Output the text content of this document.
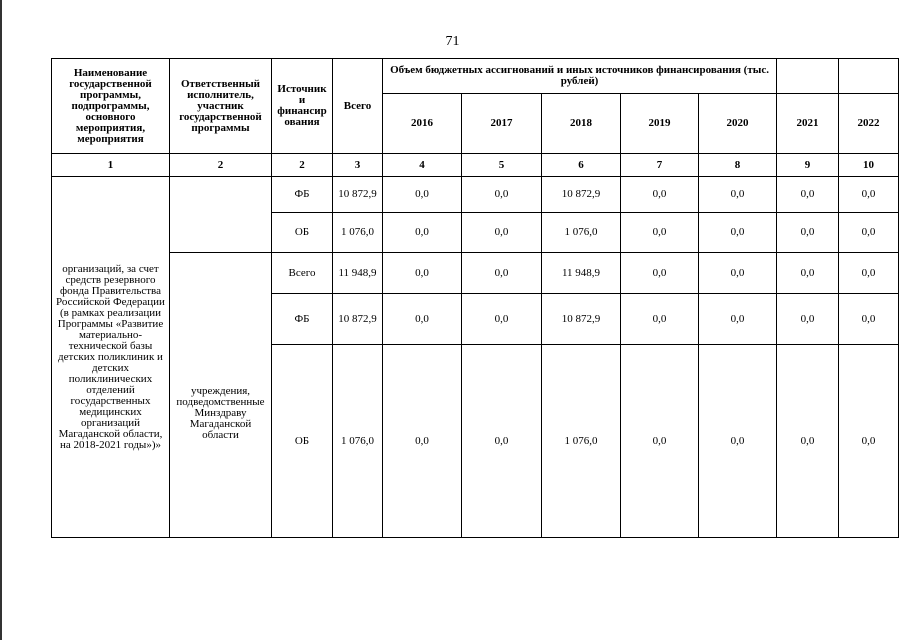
71
Наименование государственной программы, подпрограммы, основного мероприятия, мероприятия	Ответственный исполнитель, участник государственной программы	Источник и финансир ования	Всего	Объем бюджетных ассигнований и иных источников финансирования (тыс. рублей)						
				2016	2017	2018	2019	2020	2021	2022
1	2	2	3	4	5	6	7	8	9	10
организаций, за счет средств резервного фонда Правительства Российской Федерации (в рамках реализации Программы «Развитие материально-технической базы детских поликлиник и детских поликлинических отделений государственных медицинских организаций Магаданской области, на 2018-2021 годы»)»		ФБ	10 872,9	0,0	0,0	10 872,9	0,0	0,0	0,0	0,0
		ОБ	1 076,0	0,0	0,0	1 076,0	0,0	0,0	0,0	0,0
	учреждения, подведомственные Минздраву Магаданской области	Всего	11 948,9	0,0	0,0	11 948,9	0,0	0,0	0,0	0,0
		ФБ	10 872,9	0,0	0,0	10 872,9	0,0	0,0	0,0	0,0
		ОБ	1 076,0	0,0	0,0	1 076,0	0,0	0,0	0,0	0,0
